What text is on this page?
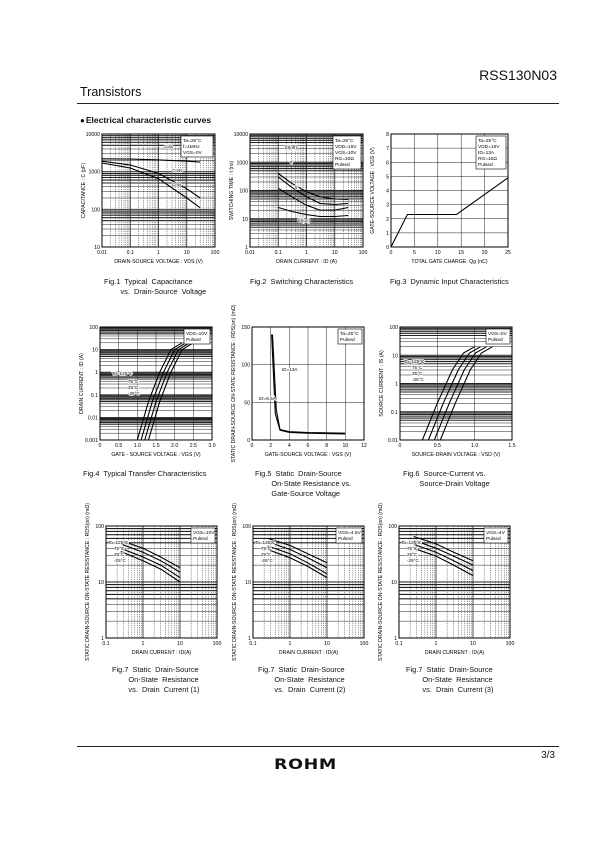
RSS130N03
Transistors
●Electrical characteristic curves
0.01	0.1	1	10	100
10000
1000
100
10
DRAIN-SOURCE VOLTAGE : VDS (V)
CAPACITANCE : C (pF)
Ta=25°C
f=1MHz
VGS=0V
Ciss
Coss
Crss
0.01	0.1	1	10	100
10000
1000
100
10
1
DRAIN CURRENT : ID (A)
SWITCHING TIME : t (ns)
Ta=25°C
VDD=15V
VGS=10V
RG=10Ω
Pulsed
td(off)
tf
tr
td(on)
0	5	10	15	20	25
8
7
6
5
4
3
2
1
0
TOTAL GATE CHARGE: Qg (nC)
GATE-SOURCE VOLTAGE : VGS (V)
Ta=25°C
VDD=15V
ID=13A
RG=10Ω
Pulsed
0	0.5 1.0 1.5 2.0 2.5 3.0
100
10
1
0.1
0.01
0.001
GATE - SOURCE VOLTAGE : VGS (V)
DRAIN CURRENT : ID (A)
VDS=10V
Pulsed
Ta=125°C
75°C
25°C
-25°C
0	2	4	6	8	10 12
150
100
50
0
GATE-SOURCE VOLTAGE : VGS (V)
STATIC DRAIN-SOURCE ON-STATE RESISTANCE : RDS(on) (mΩ)	Ta=25°C
Pulsed
ID=13A
ID=6.5A
0	0.5	1.0	1.5
100
10
1
0.1
0.01
SOURCE-DRAIN VOLTAGE : VSD (V)
SOURCE CURRENT : IS (A)
VGS=0V
Pulsed
Ta=125°C
75°C
25°C
-25°C
0.1	1	10	100
100
10
1
DRAIN CURRENT : ID(A)
STATIC DRAIN-SOURCE ON-STATE RESISTANCE : RDS(on) (mΩ)	VGS=10V
Pulsed
Ta=125°C
75°C
25°C
-25°C
0.1	1	10	100
100
10
1
DRAIN CURRENT : ID(A)
STATIC DRAIN-SOURCE ON-STATE RESISTANCE : RDS(on) (mΩ)	VGS=4.5V
Pulsed
Ta=125°C
75°C
25°C
-25°C
0.1	1	10	100
100
10
1
DRAIN CURRENT : ID(A)
STATIC DRAIN-SOURCE ON-STATE RESISTANCE : RDS(on) (mΩ)	VGS=4V
Pulsed
Ta=125°C
75°C
25°C
-25°C
Fig.1  Typical  Capacitance
vs.  Drain-Source  Voltage
Fig.2  Switching Characteristics	Fig.3  Dynamic Input Characteristics
Fig.4  Typical Transfer Characteristics	Fig.5  Static  Drain-Source
On-State Resistance vs.
Gate-Source Voltage
Fig.6  Source-Current vs.
Source-Drain Voltage
Fig.7  Static  Drain-Source
On-State  Resistance
vs.  Drain  Current (1)
Fig.7  Static  Drain-Source
On-State  Resistance
vs.  Drain  Current (2)
Fig.7  Static  Drain-Source
On-State  Resistance
vs.  Drain  Current (3)
3/3
ROHM
